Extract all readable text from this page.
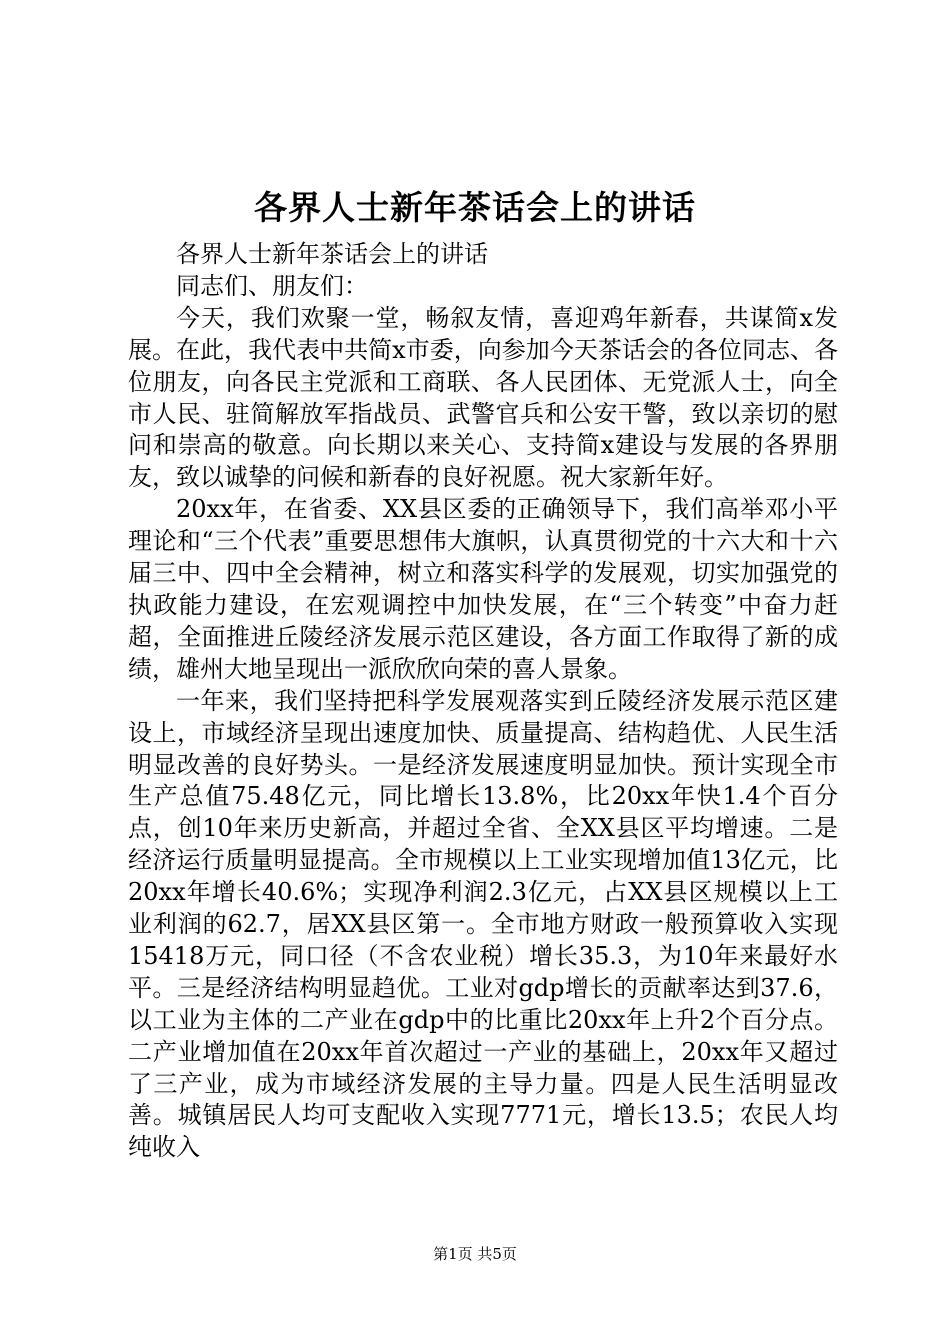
各界人士新年茶话会上的讲话

各界人士新年茶话会上的讲话

同志们、朋友们：

今天，我们欢聚一堂，畅叙友情，喜迎鸡年新春，共谋简x发展。在此，我代表中共简x市委，向参加今天茶话会的各位同志、各位朋友，向各民主党派和工商联、各人民团体、无党派人士，向全市人民、驻简解放军指战员、武警官兵和公安干警，致以亲切的慰问和崇高的敬意。向长期以来关心、支持简x建设与发展的各界朋友，致以诚挚的问候和新春的良好祝愿。祝大家新年好。

20xx年，在省委、XX县区委的正确领导下，我们高举邓小平理论和“三个代表”重要思想伟大旗帜，认真贯彻党的十六大和十六届三中、四中全会精神，树立和落实科学的发展观，切实加强党的执政能力建设，在宏观调控中加快发展，在“三个转变”中奋力赶超，全面推进丘陵经济发展示范区建设，各方面工作取得了新的成绩，雄州大地呈现出一派欣欣向荣的喜人景象。

一年来，我们坚持把科学发展观落实到丘陵经济发展示范区建设上，市域经济呈现出速度加快、质量提高、结构趋优、人民生活明显改善的良好势头。一是经济发展速度明显加快。预计实现全市生产总值75.48亿元，同比增长13.8%，比20xx年快1.4个百分点，创10年来历史新高，并超过全省、全XX县区平均增速。二是经济运行质量明显提高。全市规模以上工业实现增加值13亿元，比20xx年增长40.6%；实现净利润2.3亿元，占XX县区规模以上工业利润的62.7，居XX县区第一。全市地方财政一般预算收入实现15418万元，同口径（不含农业税）增长35.3，为10年来最好水平。三是经济结构明显趋优。工业对gdp增长的贡献率达到37.6，以工业为主体的二产业在gdp中的比重比20xx年上升2个百分点。二产业增加值在20xx年首次超过一产业的基础上，20xx年又超过了三产业，成为市域经济发展的主导力量。四是人民生活明显改善。城镇居民人均可支配收入实现7771元，增长13.5；农民人均纯收入

第1页 共5页
